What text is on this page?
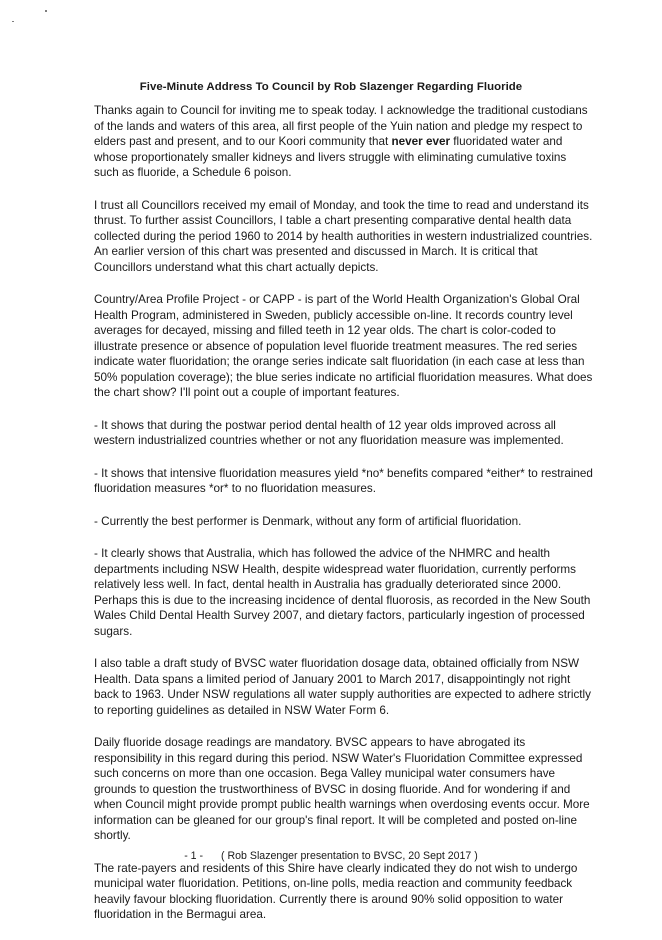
Five-Minute Address To Council by Rob Slazenger Regarding Fluoride

Thanks again to Council for inviting me to speak today. I acknowledge the traditional custodians of the lands and waters of this area, all first people of the Yuin nation and pledge my respect to elders past and present, and to our Koori community that never ever fluoridated water and whose proportionately smaller kidneys and livers struggle with eliminating cumulative toxins such as fluoride, a Schedule 6 poison.

I trust all Councillors received my email of Monday, and took the time to read and understand its thrust. To further assist Councillors, I table a chart presenting comparative dental health data collected during the period 1960 to 2014 by health authorities in western industrialized countries. An earlier version of this chart was presented and discussed in March. It is critical that Councillors understand what this chart actually depicts.

Country/Area Profile Project - or CAPP - is part of the World Health Organization's Global Oral Health Program, administered in Sweden, publicly accessible on-line. It records country level averages for decayed, missing and filled teeth in 12 year olds. The chart is color-coded to illustrate presence or absence of population level fluoride treatment measures. The red series indicate water fluoridation; the orange series indicate salt fluoridation (in each case at less than 50% population coverage); the blue series indicate no artificial fluoridation measures. What does the chart show? I'll point out a couple of important features.

- It shows that during the postwar period dental health of 12 year olds improved across all western industrialized countries whether or not any fluoridation measure was implemented.

- It shows that intensive fluoridation measures yield *no* benefits compared *either* to restrained fluoridation measures *or* to no fluoridation measures.

- Currently the best performer is Denmark, without any form of artificial fluoridation.

- It clearly shows that Australia, which has followed the advice of the NHMRC and health departments including NSW Health, despite widespread water fluoridation, currently performs relatively less well. In fact, dental health in Australia has gradually deteriorated since 2000. Perhaps this is due to the increasing incidence of dental fluorosis, as recorded in the New South Wales Child Dental Health Survey 2007, and dietary factors, particularly ingestion of processed sugars.

I also table a draft study of BVSC water fluoridation dosage data, obtained officially from NSW Health. Data spans a limited period of January 2001 to March 2017, disappointingly not right back to 1963. Under NSW regulations all water supply authorities are expected to adhere strictly to reporting guidelines as detailed in NSW Water Form 6.

Daily fluoride dosage readings are mandatory. BVSC appears to have abrogated its responsibility in this regard during this period. NSW Water's Fluoridation Committee expressed such concerns on more than one occasion. Bega Valley municipal water consumers have grounds to question the trustworthiness of BVSC in dosing fluoride. And for wondering if and when Council might provide prompt public health warnings when overdosing events occur. More information can be gleaned for our group's final report. It will be completed and posted on-line shortly.

The rate-payers and residents of this Shire have clearly indicated they do not wish to undergo municipal water fluoridation. Petitions, on-line polls, media reaction and community feedback heavily favour blocking fluoridation. Currently there is around 90% solid opposition to water fluoridation in the Bermagui area.

- 1 - ( Rob Slazenger presentation to BVSC, 20 Sept 2017 )
